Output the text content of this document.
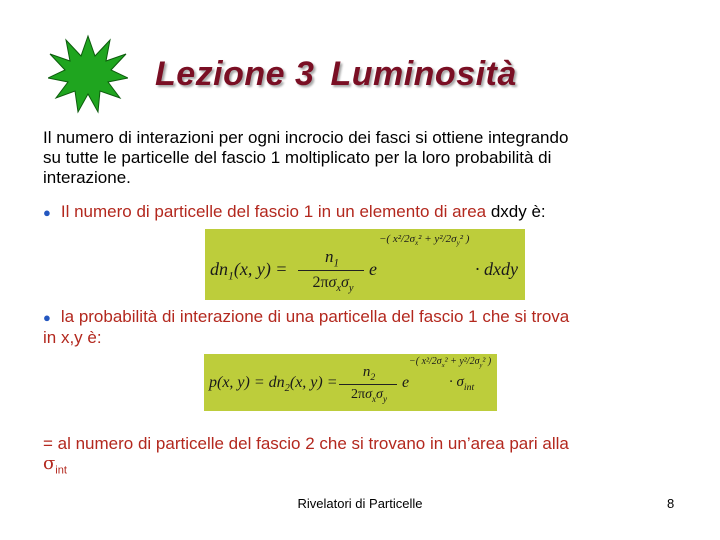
Lezione 3 Luminosità
Il numero di interazioni per ogni incrocio dei fasci si ottiene integrando
su tutte le particelle del fascio 1 moltiplicato per la loro probabilità di
interazione.
● Il numero di particelle del fascio 1 in un elemento di area dxdy è:
$dn_1(x$, y) =
$n_1$
$2\pi\sigma_x\sigma_y$
e
−( $x^2/2\sigma_x^2 + y^2/2\sigma_y^2$ )
· dxdy
● la probabilità di interazione di una particella del fascio 1 che si trova
in x,y è:
p(x, $y) = dn_2(x$, y) =
$n_2$
$2\pi\sigma_x\sigma_y$
e
−( $x^2/2\sigma_x^2 + y^2/2\sigma_y^2$ )
· $\sigma_{int}$
= al numero di particelle del fascio 2 che si trovano in un’area pari alla
$\sigma_{int}$
Rivelatori di Particelle	8
